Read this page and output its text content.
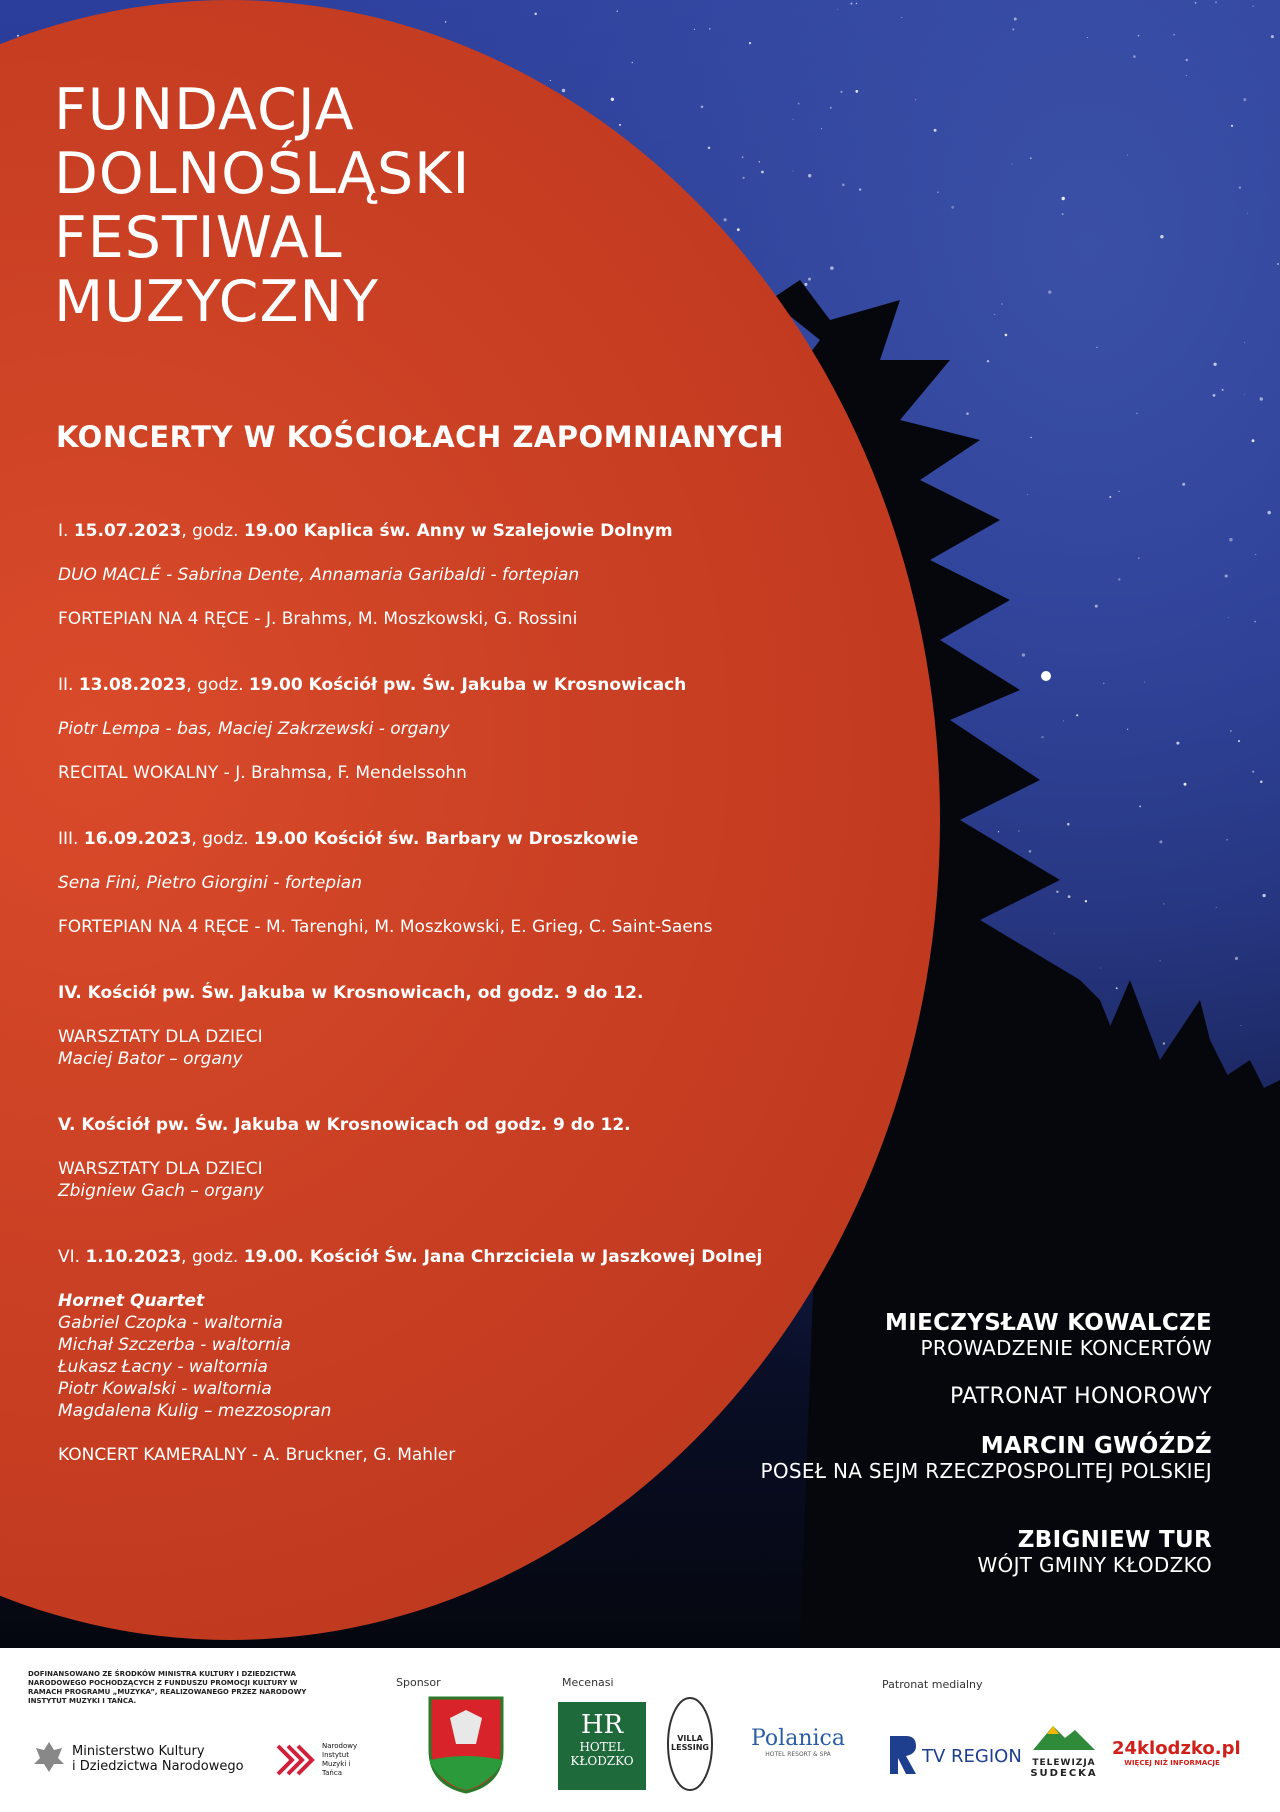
FUNDACJA
DOLNOŚLĄSKI
FESTIWAL
MUZYCZNY
KONCERTY W KOŚCIOŁACH ZAPOMNIANYCH
I. 15.07.2023, godz. 19.00 Kaplica św. Anny w Szalejowie Dolnym
DUO MACLÉ - Sabrina Dente, Annamaria Garibaldi - fortepian
FORTEPIAN NA 4 RĘCE - J. Brahms, M. Moszkowski, G. Rossini
II. 13.08.2023, godz. 19.00 Kościół pw. Św. Jakuba w Krosnowicach
Piotr Lempa - bas, Maciej Zakrzewski - organy
RECITAL WOKALNY - J. Brahmsa, F. Mendelssohn
III. 16.09.2023, godz. 19.00 Kościół św. Barbary w Droszkowie
Sena Fini, Pietro Giorgini - fortepian
FORTEPIAN NA 4 RĘCE - M. Tarenghi, M. Moszkowski, E. Grieg, C. Saint-Saens
IV. Kościół pw. Św. Jakuba w Krosnowicach, od godz. 9 do 12.
WARSZTATY DLA DZIECI
Maciej Bator – organy
V. Kościół pw. Św. Jakuba w Krosnowicach od godz. 9 do 12.
WARSZTATY DLA DZIECI
Zbigniew Gach – organy
VI. 1.10.2023, godz. 19.00. Kościół Św. Jana Chrzciciela w Jaszkowej Dolnej
Hornet Quartet
Gabriel Czopka - waltornia
Michał Szczerba - waltornia
Łukasz Łacny - waltornia
Piotr Kowalski - waltornia
Magdalena Kulig – mezzosopran
KONCERT KAMERALNY - A. Bruckner, G. Mahler
MIECZYSŁAW KOWALCZE
PROWADZENIE KONCERTÓW
PATRONAT HONOROWY
MARCIN GWÓŹDŹ
POSEŁ NA SEJM RZECZPOSPOLITEJ POLSKIEJ
ZBIGNIEW TUR
WÓJT GMINY KŁODZKO
DOFINANSOWANO ZE ŚRODKÓW MINISTRA KULTURY I DZIEDZICTWA NARODOWEGO POCHODZĄCYCH Z FUNDUSZU PROMOCJI KULTURY W RAMACH PROGRAMU „MUZYKA”, REALIZOWANEGO PRZEZ NARODOWY INSTYTUT MUZYKI I TAŃCA.
Ministerstwo Kultury
i Dziedzictwa Narodowego
Narodowy Instytut Muzyki i Tańca
Sponsor	Mecenasi
HR
HOTEL
KŁODZKO
VILLA LESSING	Polanica
HOTEL RESORT & SPA
Patronat medialny
TV REGION	TELEWIZJA
SUDECKA
24klodzko.pl
WIĘCEJ NIŻ INFORMACJE
